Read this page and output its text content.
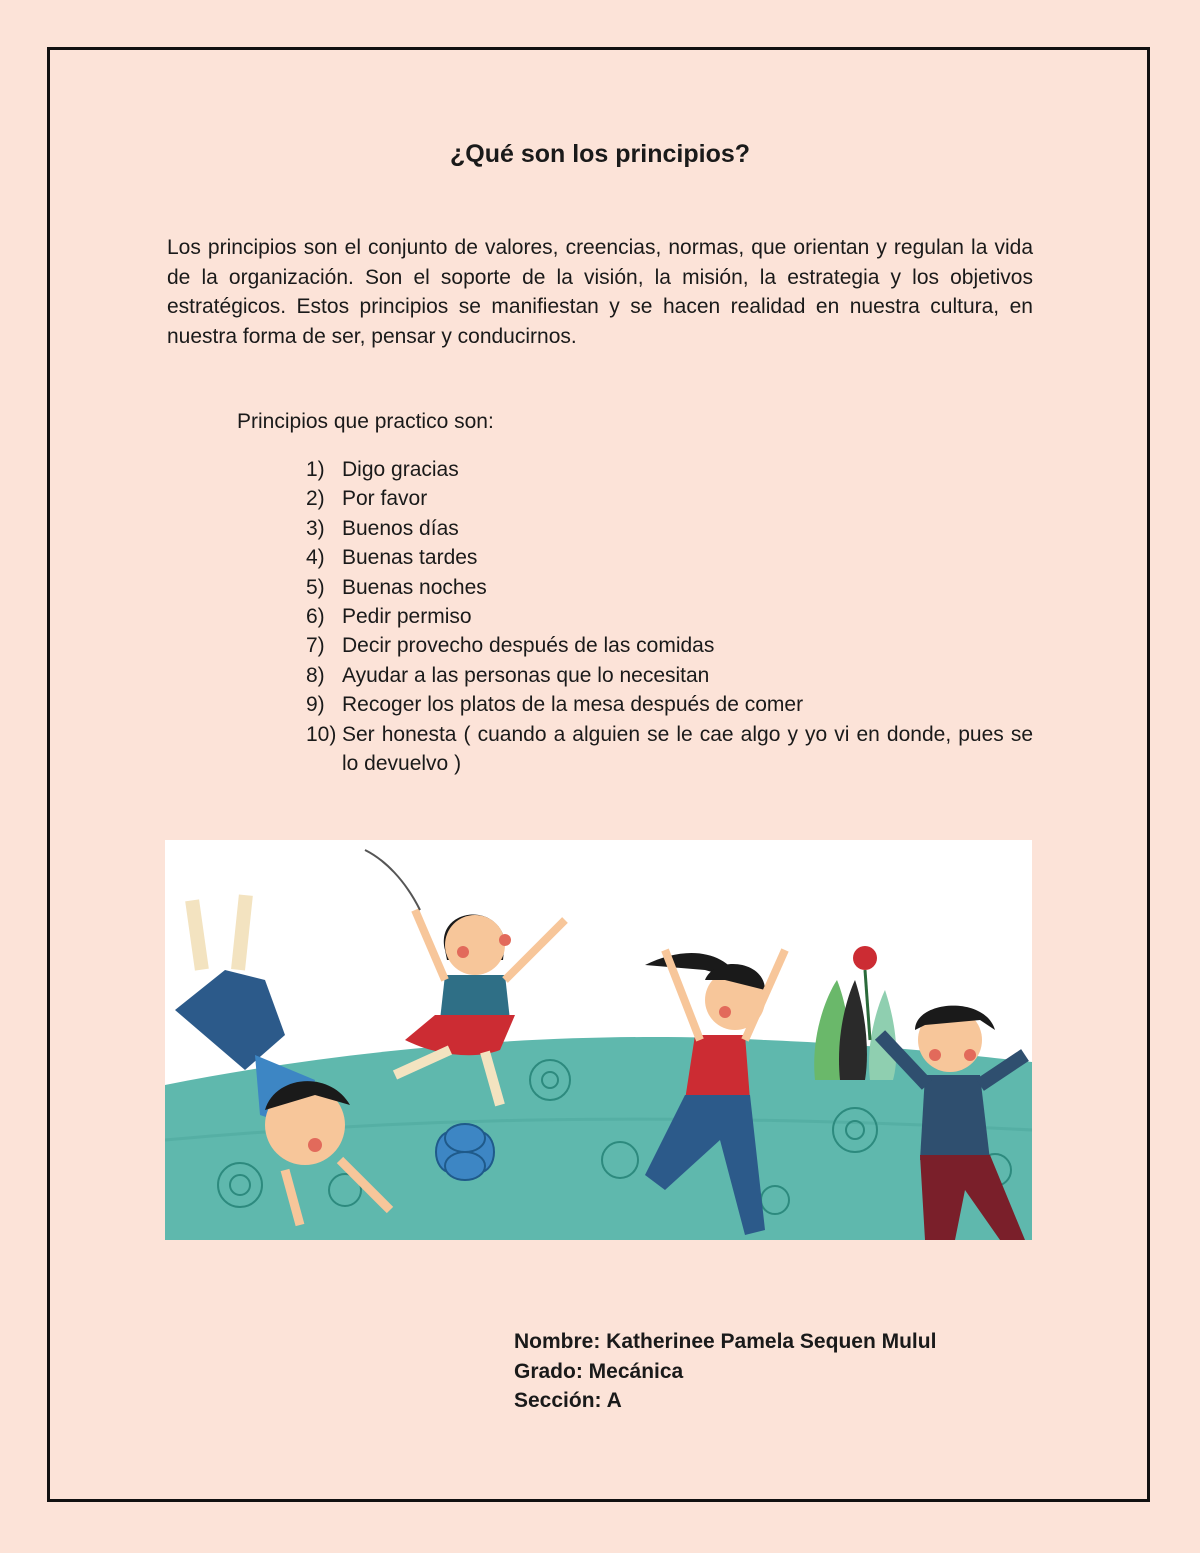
¿Qué son los principios?

Los principios son el conjunto de valores, creencias, normas, que orientan y regulan la vida de la organización. Son el soporte de la visión, la misión, la estrategia y los objetivos estratégicos. Estos principios se manifiestan y se hacen realidad en nuestra cultura, en nuestra forma de ser, pensar y conducirnos.

Principios que practico son:

1) Digo gracias
2) Por favor
3) Buenos días
4) Buenas tardes
5) Buenas noches
6) Pedir permiso
7) Decir provecho después de las comidas
8) Ayudar a las personas que lo necesitan
9) Recoger los platos de la mesa después de comer
10) Ser honesta ( cuando a alguien se le cae algo y yo vi en donde, pues se lo devuelvo )
Nombre: Katherinee Pamela Sequen Mulul
Grado: Mecánica
Sección: A
